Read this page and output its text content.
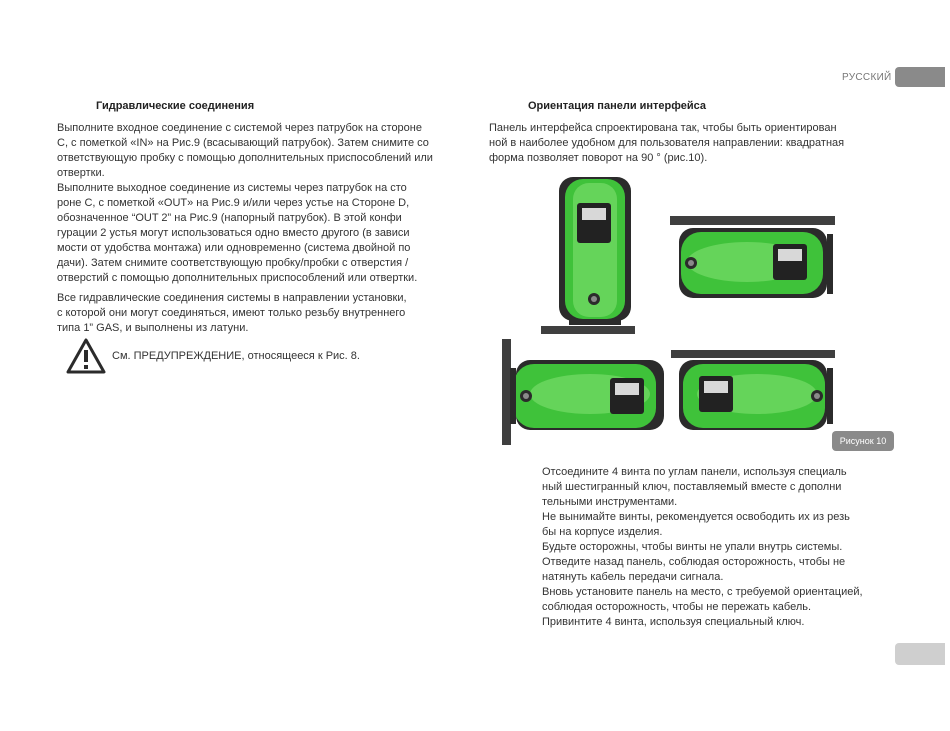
РУССКИЙ
Гидравлические соединения

Выполните входное соединение с системой через патрубок на стороне

С, с пометкой «IN» на Рис.9 (всасывающий патрубок). Затем снимите со

ответствующую пробку с помощью дополнительных приспособлений или

отвертки.

Выполните выходное соединение из системы через патрубок на сто

роне С, с пометкой «OUT» на Рис.9 и/или через устье на Стороне D,

обозначенное “OUT 2” на Рис.9 (напорный патрубок). В этой конфи

гурации 2 устья могут использоваться одно вместо другого (в зависи

мости от удобства монтажа) или одновременно (система двойной по

дачи). Затем снимите соответствующую пробку/пробки с отверстия /

отверстий с помощью дополнительных приспособлений или отвертки.

Все гидравлические соединения системы в направлении установки,

с которой они могут соединяться, имеют только резьбу внутреннего

типа 1” GAS, и выполнены из латуни.

См. ПРЕДУПРЕЖДЕНИЕ, относящееся к Рис. 8.
Ориентация панели интерфейса

Панель интерфейса спроектирована так, чтобы быть ориентирован

ной в наиболее удобном для пользователя направлении: квадратная

форма позволяет поворот на 90 ° (рис.10).

Рисунок 10

Отсоедините 4 винта по углам панели, используя специаль

ный шестигранный ключ, поставляемый вместе с дополни

тельными инструментами.

Не вынимайте винты, рекомендуется освободить их из резь

бы на корпусе изделия.

Будьте осторожны, чтобы винты не упали внутрь системы.

Отведите назад панель, соблюдая осторожность, чтобы не

натянуть кабель передачи сигнала.

Вновь установите панель на место, с требуемой ориентацией,

соблюдая осторожность, чтобы не пережать кабель.

Привинтите 4 винта, используя специальный ключ.
